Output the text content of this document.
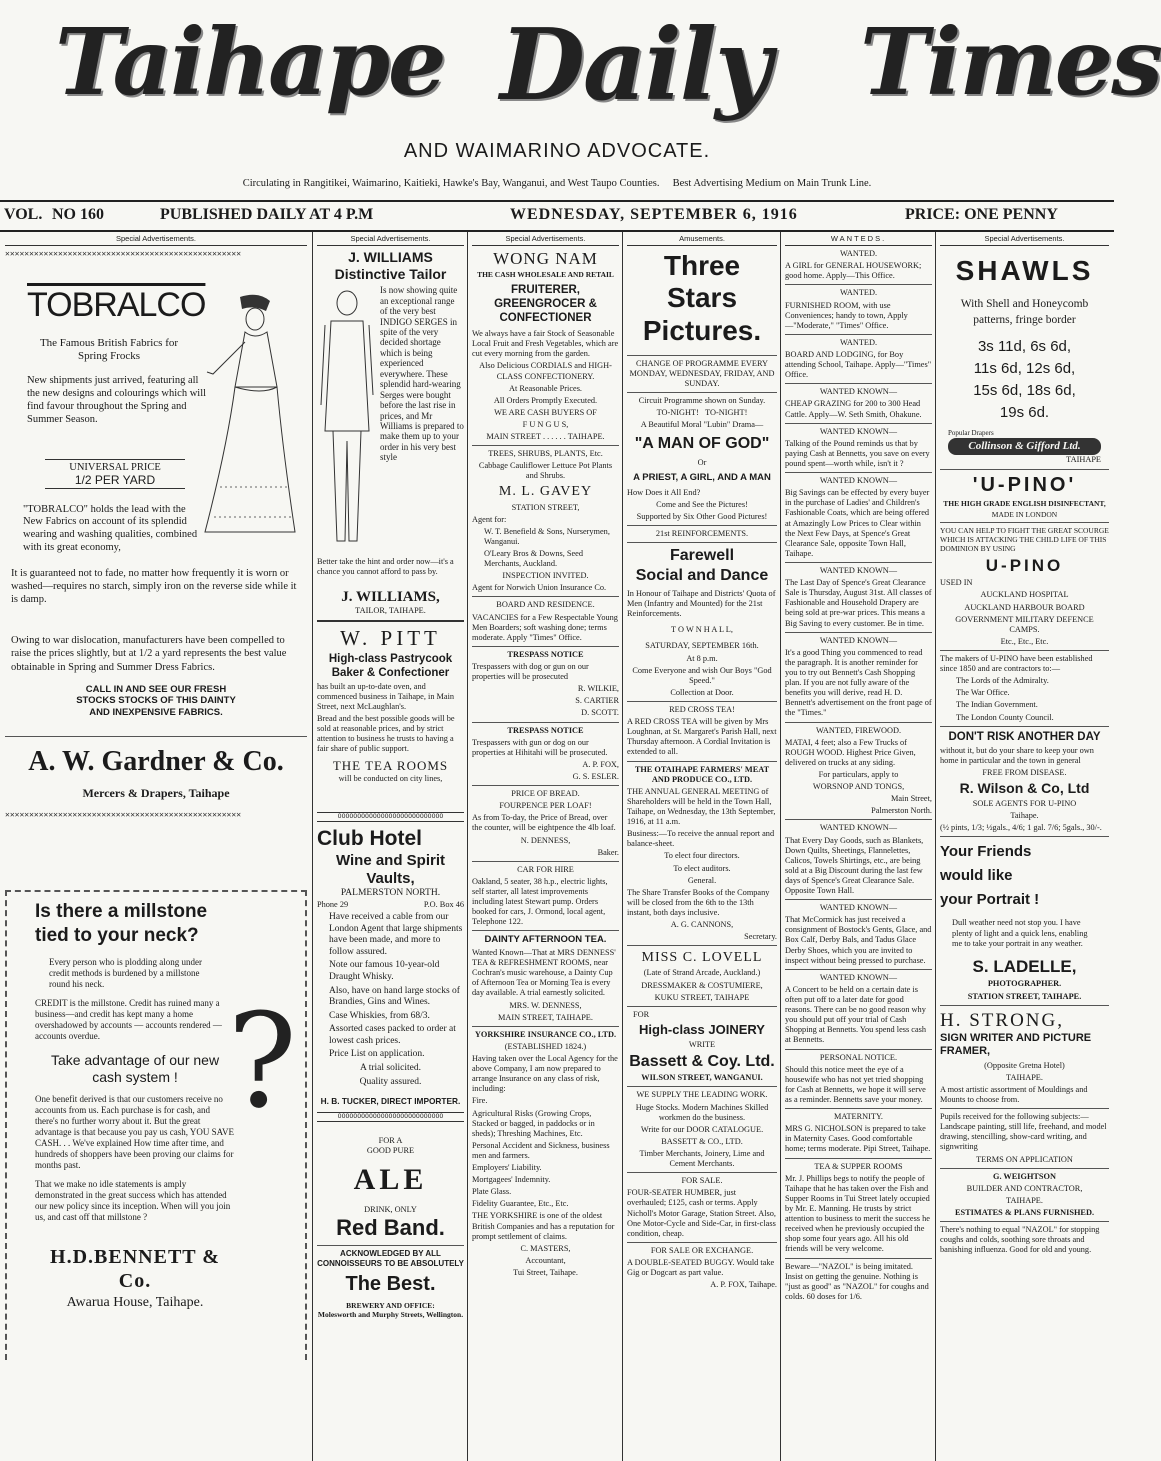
Taihape Daily Times
AND WAIMARINO ADVOCATE.
Circulating in Rangitikei, Waimarino, Kaitieki, Hawke's Bay, Wanganui, and West Taupo Counties. Best Advertising Medium on Main Trunk Line.
VOL. NO 160	PUBLISHED DAILY AT 4 P.M	WEDNESDAY, SEPTEMBER 6, 1916	PRICE: ONE PENNY
Special Advertisements.
✕✕✕✕✕✕✕✕✕✕✕✕✕✕✕✕✕✕✕✕✕✕✕✕✕✕✕✕✕✕✕✕✕✕✕✕✕✕✕✕✕✕✕✕✕✕✕✕✕
TOBRALCO
The Famous British Fabrics for Spring Frocks
New shipments just arrived, featuring all the new designs and colourings which will find favour throughout the Spring and Summer Season.
UNIVERSAL PRICE
1/2 PER YARD
"TOBRALCO" holds the lead with the New Fabrics on account of its splendid wearing and washing qualities, combined with its great economy,

It is guaranteed not to fade, no matter how frequently it is worn or washed—requires no starch, simply iron on the reverse side while it is damp.

Owing to war dislocation, manufacturers have been compelled to raise the prices slightly, but at 1/2 a yard represents the best value obtainable in Spring and Summer Dress Fabrics.

CALL IN AND SEE OUR FRESH STOCKS STOCKS OF THIS DAINTY AND INEXPENSIVE FABRICS.

A. W. Gardner & Co.
Mercers & Drapers, Taihape
✕✕✕✕✕✕✕✕✕✕✕✕✕✕✕✕✕✕✕✕✕✕✕✕✕✕✕✕✕✕✕✕✕✕✕✕✕✕✕✕✕✕✕✕✕✕✕✕✕
Is there a millstone tied to your neck?

Every person who is plodding along under credit methods is burdened by a millstone round his neck.

CREDIT is the millstone. Credit has ruined many a business—and credit has kept many a home overshadowed by accounts — accounts rendered — accounts overdue.

Take advantage of our new cash system !

One benefit derived is that our customers receive no accounts from us. Each purchase is for cash, and there's no further worry about it. But the great advantage is that because you pay us cash, YOU SAVE CASH. . . We've explained How time after time, and hundreds of shoppers have been proving our claims for months past.

That we make no idle statements is amply demonstrated in the great success which has attended our new policy since its inception. When will you join us, and cast off that millstone ?

?
H.D.BENNETT & Co.
Awarua House, Taihape.
Special Advertisements.
J. WILLIAMS
Distinctive Tailor

Is now showing quite an exceptional range of the very best INDIGO SERGES in spite of the very decided shortage which is being experienced everywhere. These splendid hard-wearing Serges were bought before the last rise in prices, and Mr Williams is prepared to make them up to your order in his very best style

Better take the hint and order now—it's a chance you cannot afford to pass by.

J. WILLIAMS,
TAILOR, TAIHAPE.
W. PITT
High-class Pastrycook Baker & Confectioner

has built an up-to-date oven, and commenced business in Taihape, in Main Street, next McLaughlan's.

Bread and the best possible goods will be sold at reasonable prices, and by strict attention to business he trusts to having a fair share of public support.

THE TEA ROOMS
will be conducted on city lines,
OOOOOOOOOOOOOOOOOOOOOOOOOOO
Club Hotel
Wine and Spirit Vaults,
PALMERSTON NORTH.
Phone 29	P.O. Box 46

Have received a cable from our London Agent that large shipments have been made, and more to follow assured.

Note our famous 10-year-old Draught Whisky.

Also, have on hand large stocks of Brandies, Gins and Wines.

Case Whiskies, from 68/3.

Assorted cases packed to order at lowest cash prices.

Price List on application.

A trial solicited.

Quality assured.

H. B. TUCKER, DIRECT IMPORTER.
OOOOOOOOOOOOOOOOOOOOOOOOOOO
FOR A
GOOD PURE
ALE
DRINK, ONLY
Red Band.
ACKNOWLEDGED BY ALL CONNOISSEURS TO BE ABSOLUTELY
The Best.
BREWERY AND OFFICE:
Molesworth and Murphy Streets, Wellington.
Special Advertisements.
WONG NAM
THE CASH WHOLESALE AND RETAIL
FRUITERER, GREENGROCER & CONFECTIONER

We always have a fair Stock of Seasonable Local Fruit and Fresh Vegetables, which are cut every morning from the garden.

Also Delicious CORDIALS and HIGH-CLASS CONFECTIONERY.

At Reasonable Prices.

All Orders Promptly Executed.

WE ARE CASH BUYERS OF

F U N G U S,

MAIN STREET . . . . . . TAIHAPE.

TREES, SHRUBS, PLANTS, Etc.

Cabbage Cauliflower Lettuce Pot Plants and Shrubs.

M. L. GAVEY

STATION STREET,

Agent for:

W. T. Benefield & Sons, Nurserymen, Wanganui.

O'Leary Bros & Downs, Seed Merchants, Auckland.

INSPECTION INVITED.

Agent for Norwich Union Insurance Co.

BOARD AND RESIDENCE.

VACANCIES for a Few Respectable Young Men Boarders; soft washing done; terms moderate. Apply "Times" Office.

TRESPASS NOTICE

Trespassers with dog or gun on our properties will be prosecuted

R. WILKIE,

S. CARTIER

D. SCOTT.

TRESPASS NOTICE

Trespassers with gun or dog on our properties at Hihitahi will be prosecuted.

A. P. FOX,

G. S. ESLER.

PRICE OF BREAD.

FOURPENCE PER LOAF!

As from To-day, the Price of Bread, over the counter, will be eightpence the 4lb loaf.

N. DENNESS,

Baker.

CAR FOR HIRE

Oakland, 5 seater, 38 h.p., electric lights, self starter, all latest improvements including latest Stewart pump. Orders booked for cars, J. Ormond, local agent, Telephone 122.

DAINTY AFTERNOON TEA.

Wanted Known—That at MRS DENNESS' TEA & REFRESHMENT ROOMS, near Cochran's music warehouse, a Dainty Cup of Afternoon Tea or Morning Tea is every day available. A trial earnestly solicited.

MRS. W. DENNESS,

MAIN STREET, TAIHAPE.

YORKSHIRE INSURANCE CO., LTD.

(ESTABLISHED 1824.)

Having taken over the Local Agency for the above Company, I am now prepared to arrange Insurance on any class of risk, including:

Fire.

Agricultural Risks (Growing Crops, Stacked or bagged, in paddocks or in sheds); Threshing Machines, Etc.

Personal Accident and Sickness, business men and farmers.

Employers' Liability.

Mortgagees' Indemnity.

Plate Glass.

Fidelity Guarantee, Etc., Etc.

THE YORKSHIRE is one of the oldest British Companies and has a reputation for prompt settlement of claims.

C. MASTERS,

Accountant,

Tui Street, Taihape.

Amusements.
Three Stars Pictures.

CHANGE OF PROGRAMME EVERY MONDAY, WEDNESDAY, FRIDAY, AND SUNDAY.

Circuit Programme shown on Sunday.

TO-NIGHT! TO-NIGHT!

A Beautiful Moral "Lubin" Drama—

"A MAN OF GOD"

Or

A PRIEST, A GIRL, AND A MAN

How Does it All End?

Come and See the Pictures!

Supported by Six Other Good Pictures!

21st REINFORCEMENTS.

Farewell
Social and Dance

In Honour of Taihape and Districts' Quota of Men (Infantry and Mounted) for the 21st Reinforcements.

T O W N H A L L,

SATURDAY, SEPTEMBER 16th.

At 8 p.m.

Come Everyone and wish Our Boys "God Speed."

Collection at Door.

RED CROSS TEA!

A RED CROSS TEA will be given by Mrs Loughnan, at St. Margaret's Parish Hall, next Thursday afternoon. A Cordial Invitation is extended to all.

THE OTAIHAPE FARMERS' MEAT AND PRODUCE CO., LTD.

THE ANNUAL GENERAL MEETING of Shareholders will be held in the Town Hall, Taihape, on Wednesday, the 13th September, 1916, at 11 a.m.

Business:—To receive the annual report and balance-sheet.

To elect four directors.

To elect auditors.

General.

The Share Transfer Books of the Company will be closed from the 6th to the 13th instant, both days inclusive.

A. G. CANNONS,

Secretary.

MISS C. LOVELL

(Late of Strand Arcade, Auckland.)

DRESSMAKER & COSTUMIERE,

KUKU STREET, TAIHAPE

FOR

High-class JOINERY

WRITE

Bassett & Coy. Ltd.

WILSON STREET, WANGANUI.

WE SUPPLY THE LEADING WORK.

Huge Stocks. Modern Machines Skilled workmen do the business.

Write for our DOOR CATALOGUE.

BASSETT & CO., LTD.

Timber Merchants, Joinery, Lime and Cement Merchants.

FOR SALE.

FOUR-SEATER HUMBER, just overhauled; £125, cash or terms. Apply Nicholl's Motor Garage, Station Street. Also, One Motor-Cycle and Side-Car, in first-class condition, cheap.

FOR SALE OR EXCHANGE.

A DOUBLE-SEATED BUGGY. Would take Gig or Dogcart as part value.

A. P. FOX, Taihape.

WANTEDS.

WANTED.

A GIRL for GENERAL HOUSEWORK; good home. Apply—This Office.

WANTED.

FURNISHED ROOM, with use Conveniences; handy to town, Apply—"Moderate," "Times" Office.

WANTED.

BOARD AND LODGING, for Boy attending School, Taihape. Apply—"Times" Office.

WANTED KNOWN—

CHEAP GRAZING for 200 to 300 Head Cattle. Apply—W. Seth Smith, Ohakune.

WANTED KNOWN—

Talking of the Pound reminds us that by paying Cash at Bennetts, you save on every pound spent—worth while, isn't it ?

WANTED KNOWN—

Big Savings can be effected by every buyer in the purchase of Ladies' and Children's Fashionable Coats, which are being offered at Amazingly Low Prices to Clear within the Next Few Days, at Spence's Great Clearance Sale, opposite Town Hall, Taihape.

WANTED KNOWN—

The Last Day of Spence's Great Clearance Sale is Thursday, August 31st. All classes of Fashionable and Household Drapery are being sold at pre-war prices. This means a Big Saving to every customer. Be in time.

WANTED KNOWN—

It's a good Thing you commenced to read the paragraph. It is another reminder for you to try out Bennett's Cash Shopping plan. If you are not fully aware of the benefits you will derive, read H. D. Bennett's advertisement on the front page of the "Times."

WANTED, FIREWOOD.

MATAI, 4 feet; also a Few Trucks of ROUGH WOOD. Highest Price Given, delivered on trucks at any siding.

For particulars, apply to

WORSNOP AND TONGS,

Main Street,

Palmerston North.

WANTED KNOWN—

That Every Day Goods, such as Blankets, Down Quilts, Sheetings, Flannelettes, Calicos, Towels Shirtings, etc., are being sold at a Big Discount during the last few days of Spence's Great Clearance Sale. Opposite Town Hall.

WANTED KNOWN—

That McCormick has just received a consignment of Bostock's Gents, Glace, and Box Calf, Derby Bals, and Tadus Glace Derby Shoes, which you are invited to inspect without being pressed to purchase.

WANTED KNOWN—

A Concert to be held on a certain date is often put off to a later date for good reasons. There can be no good reason why you should put off your trial of Cash Shopping at Bennetts. You spend less cash at Bennetts.

PERSONAL NOTICE.

Should this notice meet the eye of a housewife who has not yet tried shopping for Cash at Bennetts, we hope it will serve as a reminder. Bennetts save your money.

MATERNITY.

MRS G. NICHOLSON is prepared to take in Maternity Cases. Good comfortable home; terms moderate. Pipi Street, Taihape.

TEA & SUPPER ROOMS

Mr. J. Phillips begs to notify the people of Taihape that he has taken over the Fish and Supper Rooms in Tui Street lately occupied by Mr. E. Manning. He trusts by strict attention to business to merit the success he received when he previously occupied the shop some four years ago. All his old friends will be very welcome.

Beware—"NAZOL" is being imitated. Insist on getting the genuine. Nothing is "just as good" as "NAZOL" for coughs and colds. 60 doses for 1/6.

Special Advertisements.
SHAWLS
With Shell and Honeycomb patterns, fringe border
3s 11d, 6s 6d,
11s 6d, 12s 6d,
15s 6d, 18s 6d,
19s 6d.
Popular Drapers
Collinson & Gifford Ltd.
TAIHAPE
'U-PINO'

THE HIGH GRADE ENGLISH DISINFECTANT,

MADE IN LONDON

YOU CAN HELP TO FIGHT THE GREAT SCOURGE WHICH IS ATTACKING THE CHILD LIFE OF THIS DOMINION BY USING

U-PINO

USED IN

AUCKLAND HOSPITAL

AUCKLAND HARBOUR BOARD

GOVERNMENT MILITARY DEFENCE CAMPS.

Etc., Etc., Etc.

The makers of U-PINO have been established since 1850 and are contractors to:—

The Lords of the Admiralty.

The War Office.

The Indian Government.

The London County Council.

DON'T RISK ANOTHER DAY

without it, but do your share to keep your own home in particular and the town in general

FREE FROM DISEASE.

R. Wilson & Co, Ltd

SOLE AGENTS FOR U-PINO

Taihape.

(½ pints, 1/3; ½gals., 4/6; 1 gal. 7/6; 5gals., 30/-.

Your Friends
would like
your Portrait !

Dull weather need not stop you. I have plenty of light and a quick lens, enabling me to take your portrait in any weather.

S. LADELLE,

PHOTOGRAPHER.

STATION STREET, TAIHAPE.

H. STRONG,
SIGN WRITER AND PICTURE FRAMER,

(Opposite Gretna Hotel)

TAIHAPE.

A most artistic assortment of Mouldings and Mounts to choose from.

Pupils received for the following subjects:—Landscape painting, still life, freehand, and model drawing, stencilling, show-card writing, and signwriting

TERMS ON APPLICATION

G. WEIGHTSON

BUILDER AND CONTRACTOR,

TAIHAPE.

ESTIMATES & PLANS FURNISHED.

There's nothing to equal "NAZOL" for stopping coughs and colds, soothing sore throats and banishing influenza. Good for old and young.
